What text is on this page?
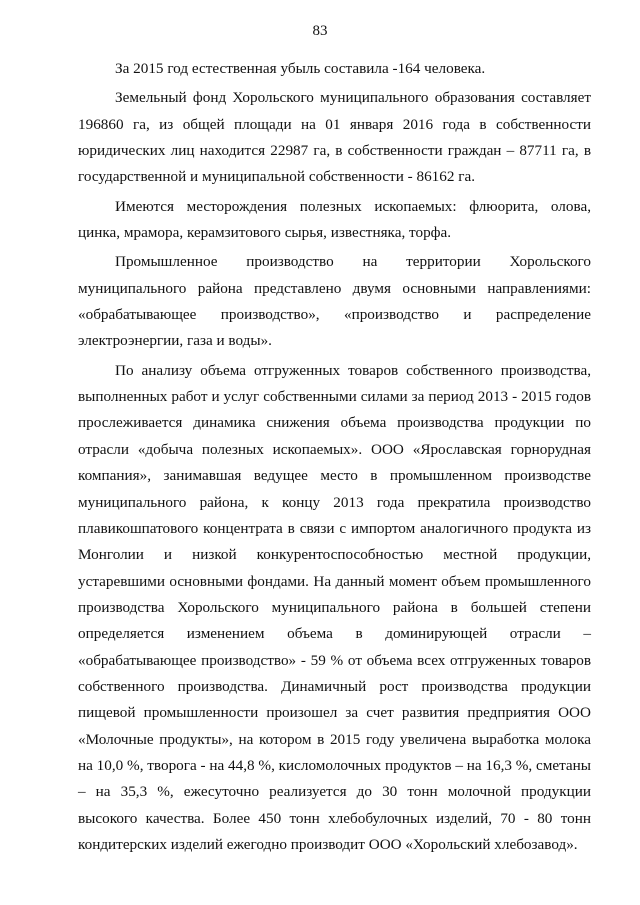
83

За 2015 год естественная убыль составила -164 человека.

Земельный фонд Хорольского муниципального образования составляет 196860 га, из общей площади на 01 января 2016 года в собственности юридических лиц находится 22987 га, в собственности граждан – 87711 га, в государственной и муниципальной собственности - 86162 га.

Имеются месторождения полезных ископаемых: флюорита, олова, цинка, мрамора, керамзитового сырья, известняка, торфа.

Промышленное производство на территории Хорольского муниципального района представлено двумя основными направлениями: «обрабатывающее производство», «производство и распределение электроэнергии, газа и воды».

По анализу объема отгруженных товаров собственного производства, выполненных работ и услуг собственными силами за период 2013 - 2015 годов прослеживается динамика снижения объема производства продукции по отрасли «добыча полезных ископаемых». ООО «Ярославская горнорудная компания», занимавшая ведущее место в промышленном производстве муниципального района, к концу 2013 года прекратила производство плавикошпатового концентрата в связи с импортом аналогичного продукта из Монголии и низкой конкурентоспособностью местной продукции, устаревшими основными фондами. На данный момент объем промышленного производства Хорольского муниципального района в большей степени определяется изменением объема в доминирующей отрасли – «обрабатывающее производство» - 59 % от объема всех отгруженных товаров собственного производства. Динамичный рост производства продукции пищевой промышленности произошел за счет развития предприятия ООО «Молочные продукты», на котором в 2015 году увеличена выработка молока на 10,0 %, творога - на 44,8 %, кисломолочных продуктов – на 16,3 %, сметаны – на 35,3 %, ежесуточно реализуется до 30 тонн молочной продукции высокого качества. Более 450 тонн хлебобулочных изделий, 70 - 80 тонн кондитерских изделий ежегодно производит ООО «Хорольский хлебозавод».
